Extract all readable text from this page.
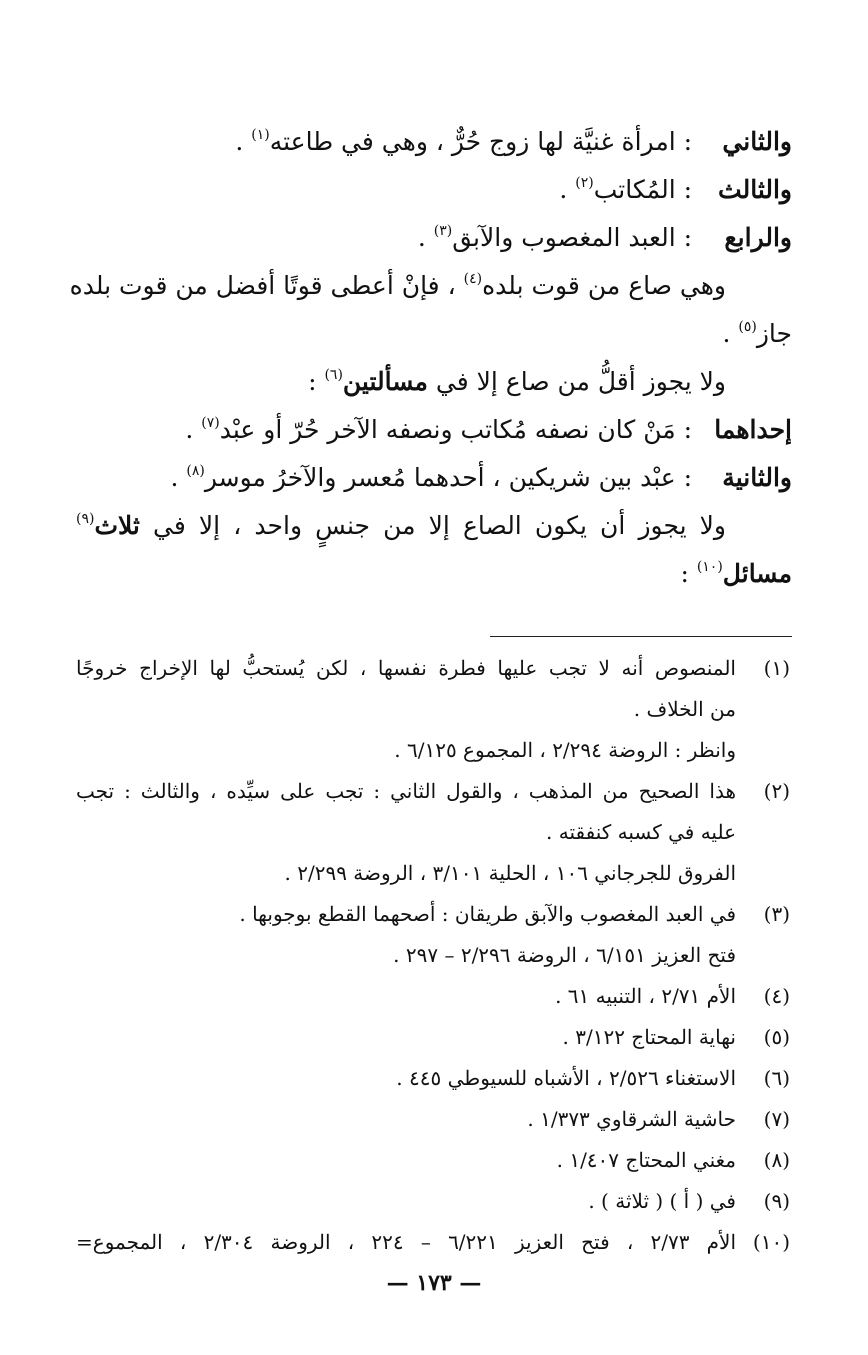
والثاني : امرأة غنيَّة لها زوج حُرٌّ ، وهي في طاعته$^{(١)}$ .
والثالث : المُكاتب$^{(٢)}$ .
والرابع : العبد المغصوب والآبق$^{(٣)}$ .
وهي صاع من قوت بلده$^{(٤)}$ ، فإنْ أعطى قوتًا أفضل من قوت بلده
جاز$^{(٥)}$ .
ولا يجوز أقلُّ من صاع إلا في مسألتين$^{(٦)}$ :
إحداهما : مَنْ كان نصفه مُكاتب ونصفه الآخر حُرّ أو عبْد$^{(٧)}$ .
والثانية : عبْد بين شريكين ، أحدهما مُعسر والآخرُ موسر$^{(٨)}$ .
ولا يجوز أن يكون الصاع إلا من جنسٍ واحد ، إلا في ثلاث$^{(٩)}$
مسائل$^{(١٠)}$ :
(١)
المنصوص أنه لا تجب عليها فطرة نفسها ، لكن يُستحبُّ لها الإخراج خروجًا
من الخلاف .
وانظر : الروضة ٢/٢٩٤ ، المجموع ٦/١٢٥ .
(٢)
هذا الصحيح من المذهب ، والقول الثاني : تجب على سيِّده ، والثالث : تجب
عليه في كسبه كنفقته .
الفروق للجرجاني ١٠٦ ، الحلية ٣/١٠١ ، الروضة ٢/٢٩٩ .
(٣)
في العبد المغصوب والآبق طريقان : أصحهما القطع بوجوبها .
فتح العزيز ٦/١٥١ ، الروضة ٢/٢٩٦ – ٢٩٧ .
(٤)
الأم ٢/٧١ ، التنبيه ٦١ .
(٥)
نهاية المحتاج ٣/١٢٢ .
(٦)
الاستغناء ٢/٥٢٦ ، الأشباه للسيوطي ٤٤٥ .
(٧)
حاشية الشرقاوي ١/٣٧٣ .
(٨)
مغني المحتاج ١/٤٠٧ .
(٩)
في ( أ ) ( ثلاثة ) .
(١٠)
الأم ٢/٧٣ ، فتح العزيز ٦/٢٢١ – ٢٢٤ ، الروضة ٢/٣٠٤ ، المجموع=
— ١٧٣ —
